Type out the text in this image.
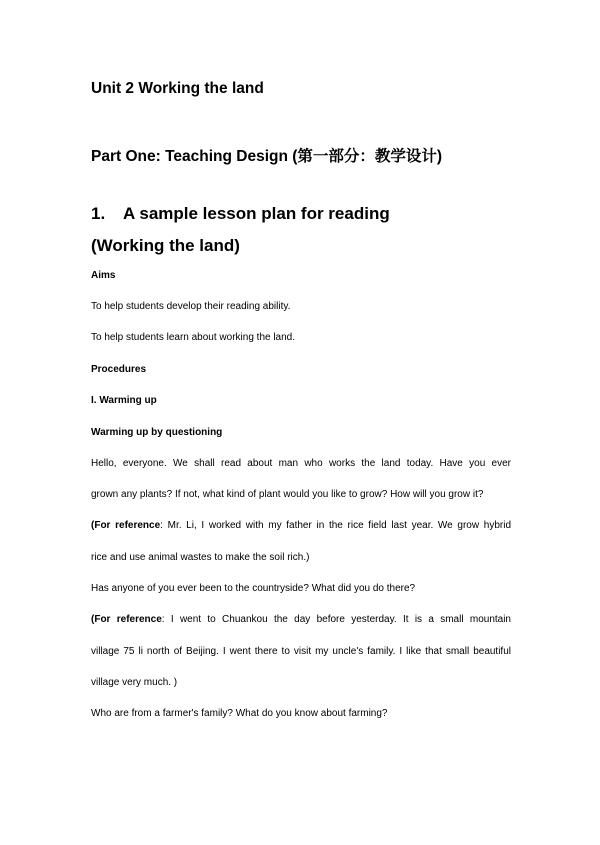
Unit 2 Working the land
Part One: Teaching Design (第一部分：教学设计)
1. A sample lesson plan for reading
(Working the land)
Aims
To help students develop their reading ability.
To help students learn about working the land.
Procedures
I. Warming up
Warming up by questioning
Hello, everyone. We shall read about man who works the land today. Have you ever
grown any plants? If not, what kind of plant would you like to grow? How will you grow it?
(For reference: Mr. Li, I worked with my father in the rice field last year. We grow hybrid
rice and use animal wastes to make the soil rich.)
Has anyone of you ever been to the countryside? What did you do there?
(For reference: I went to Chuankou the day before yesterday. It is a small mountain
village 75 li north of Beijing. I went there to visit my uncle's family. I like that small beautiful
village very much. )
Who are from a farmer's family? What do you know about farming?
